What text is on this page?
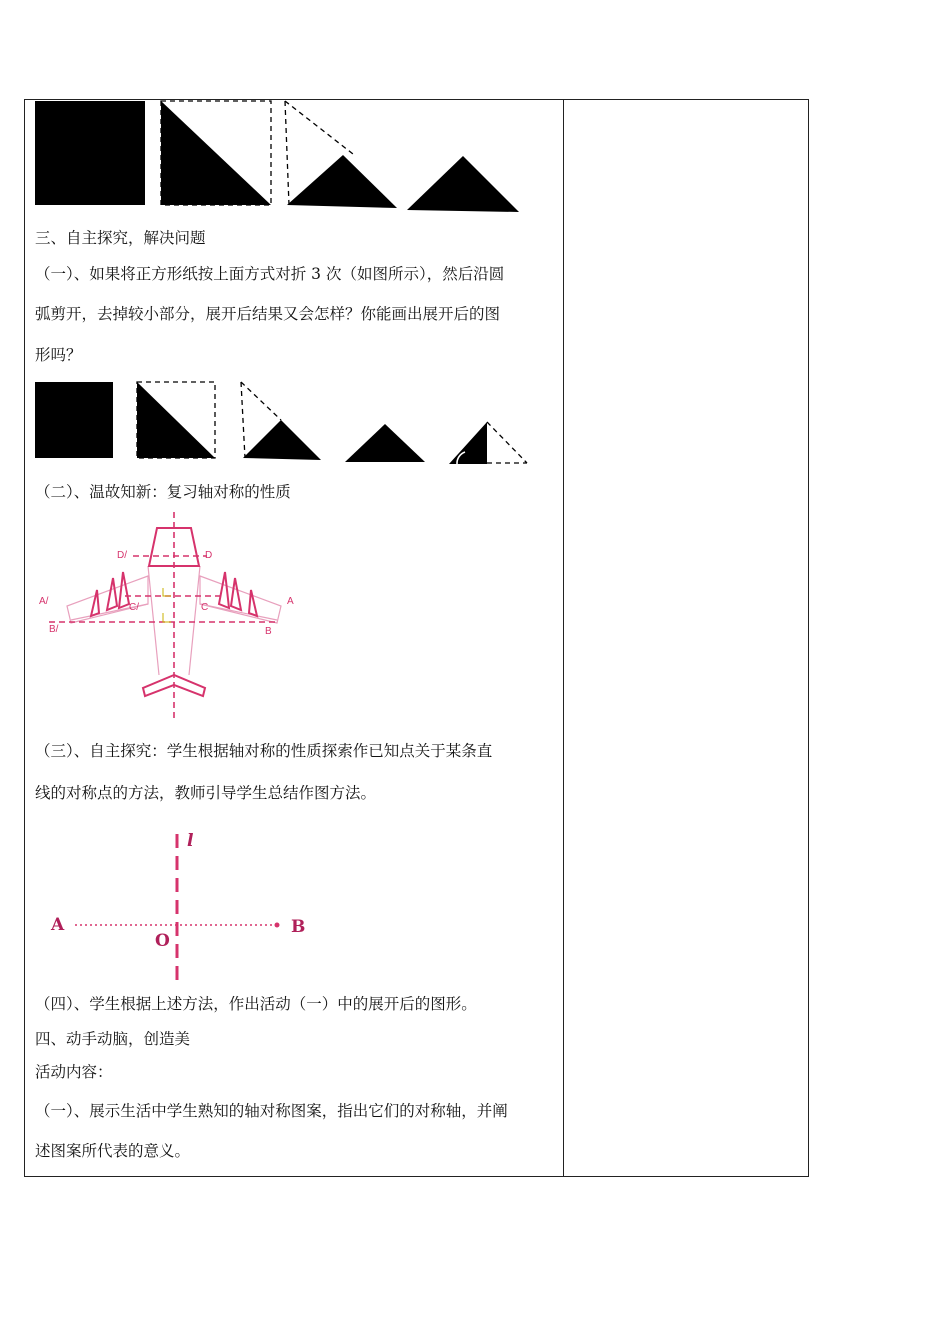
三、自主探究，解决问题
（一）、如果将正方形纸按上面方式对折 3 次（如图所示），然后沿圆
弧剪开，去掉较小部分，展开后结果又会怎样？你能画出展开后的图
形吗？
（二）、温故知新：复习轴对称的性质
D/	D
A/	A
C/	C
B/	B
（三）、自主探究：学生根据轴对称的性质探索作已知点关于某条直
线的对称点的方法，教师引导学生总结作图方法。
l
A	B
O
（四）、学生根据上述方法，作出活动（一）中的展开后的图形。
四、动手动脑，创造美
活动内容：
（一）、展示生活中学生熟知的轴对称图案，指出它们的对称轴，并阐
述图案所代表的意义。
